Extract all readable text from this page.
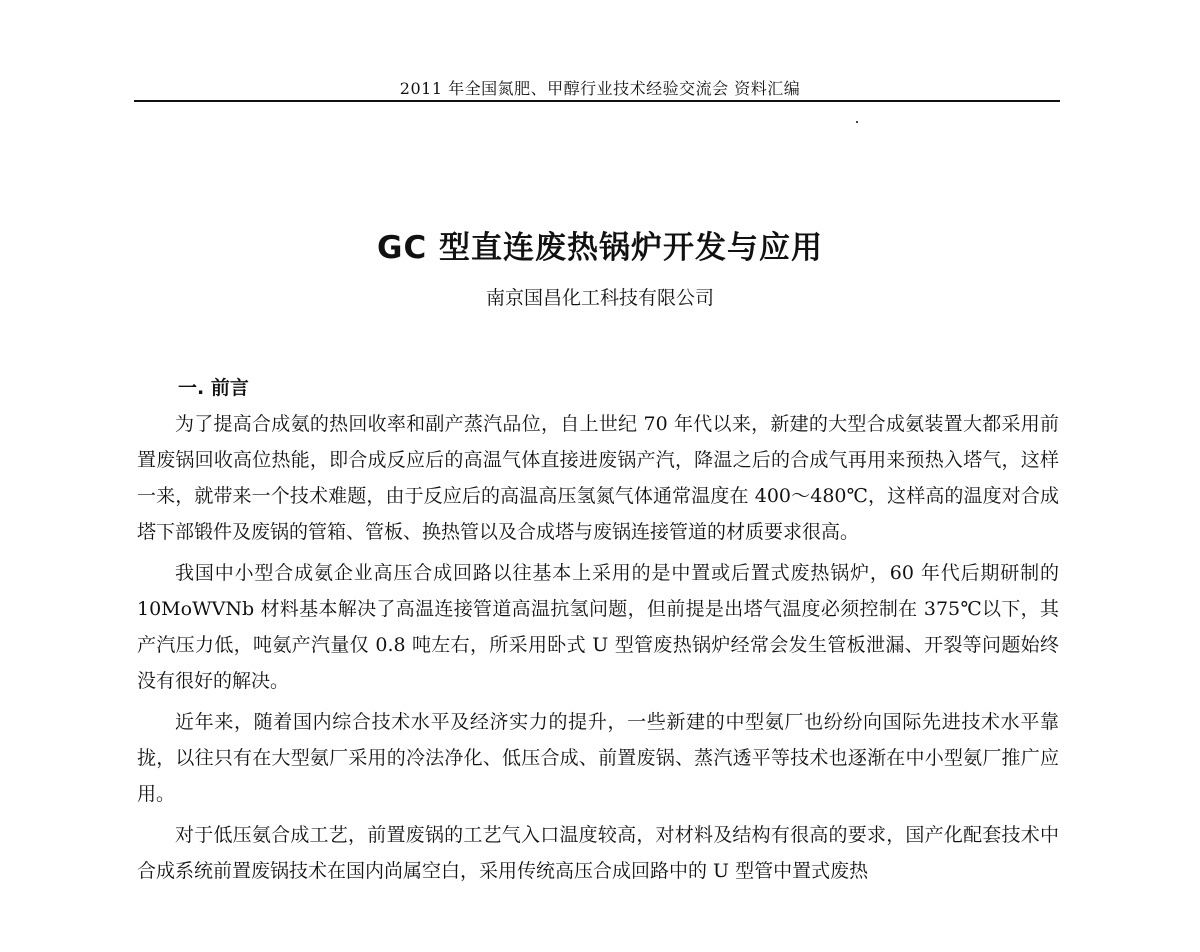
2011 年全国氮肥、甲醇行业技术经验交流会 资料汇编
GC 型直连废热锅炉开发与应用
南京国昌化工科技有限公司
一. 前言

为了提高合成氨的热回收率和副产蒸汽品位，自上世纪 70 年代以来，新建的大型合成氨装置大都采用前置废锅回收高位热能，即合成反应后的高温气体直接进废锅产汽，降温之后的合成气再用来预热入塔气，这样一来，就带来一个技术难题，由于反应后的高温高压氢氮气体通常温度在 400～480℃，这样高的温度对合成塔下部锻件及废锅的管箱、管板、换热管以及合成塔与废锅连接管道的材质要求很高。

我国中小型合成氨企业高压合成回路以往基本上采用的是中置或后置式废热锅炉，60 年代后期研制的 10MoWVNb 材料基本解决了高温连接管道高温抗氢问题，但前提是出塔气温度必须控制在 375℃以下，其产汽压力低，吨氨产汽量仅 0.8 吨左右，所采用卧式 U 型管废热锅炉经常会发生管板泄漏、开裂等问题始终没有很好的解决。

近年来，随着国内综合技术水平及经济实力的提升，一些新建的中型氨厂也纷纷向国际先进技术水平靠拢，以往只有在大型氨厂采用的冷法净化、低压合成、前置废锅、蒸汽透平等技术也逐渐在中小型氨厂推广应用。

对于低压氨合成工艺，前置废锅的工艺气入口温度较高，对材料及结构有很高的要求，国产化配套技术中合成系统前置废锅技术在国内尚属空白，采用传统高压合成回路中的 U 型管中置式废热
